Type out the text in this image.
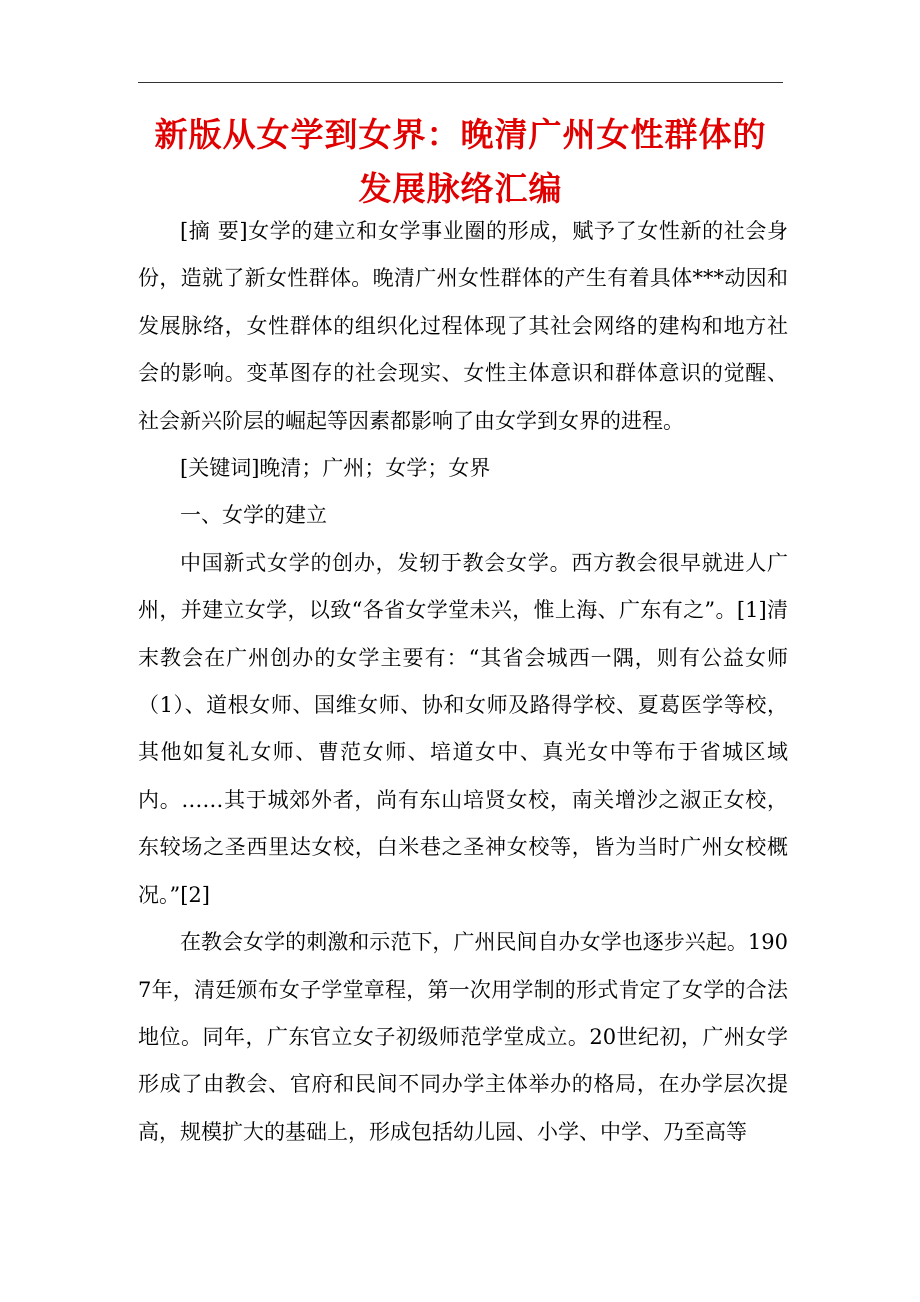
新版从女学到女界：晚清广州女性群体的发展脉络汇编

[摘 要]女学的建立和女学事业圈的形成，赋予了女性新的社会身份，造就了新女性群体。晚清广州女性群体的产生有着具体***动因和发展脉络，女性群体的组织化过程体现了其社会网络的建构和地方社会的影响。变革图存的社会现实、女性主体意识和群体意识的觉醒、社会新兴阶层的崛起等因素都影响了由女学到女界的进程。

[关键词]晚清；广州；女学；女界

一、女学的建立

中国新式女学的创办，发轫于教会女学。西方教会很早就进人广州，并建立女学，以致“各省女学堂未兴，惟上海、广东有之”。[1]清末教会在广州创办的女学主要有：“其省会城西一隅，则有公益女师（1）、道根女师、国维女师、协和女师及路得学校、夏葛医学等校，其他如复礼女师、曹范女师、培道女中、真光女中等布于省城区域内。……其于城郊外者，尚有东山培贤女校，南关增沙之淑正女校，东较场之圣西里达女校，白米巷之圣神女校等，皆为当时广州女校概况。”[2]

在教会女学的刺激和示范下，广州民间自办女学也逐步兴起。1907年，清廷颁布女子学堂章程，第一次用学制的形式肯定了女学的合法地位。同年，广东官立女子初级师范学堂成立。20世纪初，广州女学形成了由教会、官府和民间不同办学主体举办的格局，在办学层次提高，规模扩大的基础上，形成包括幼儿园、小学、中学、乃至高等
